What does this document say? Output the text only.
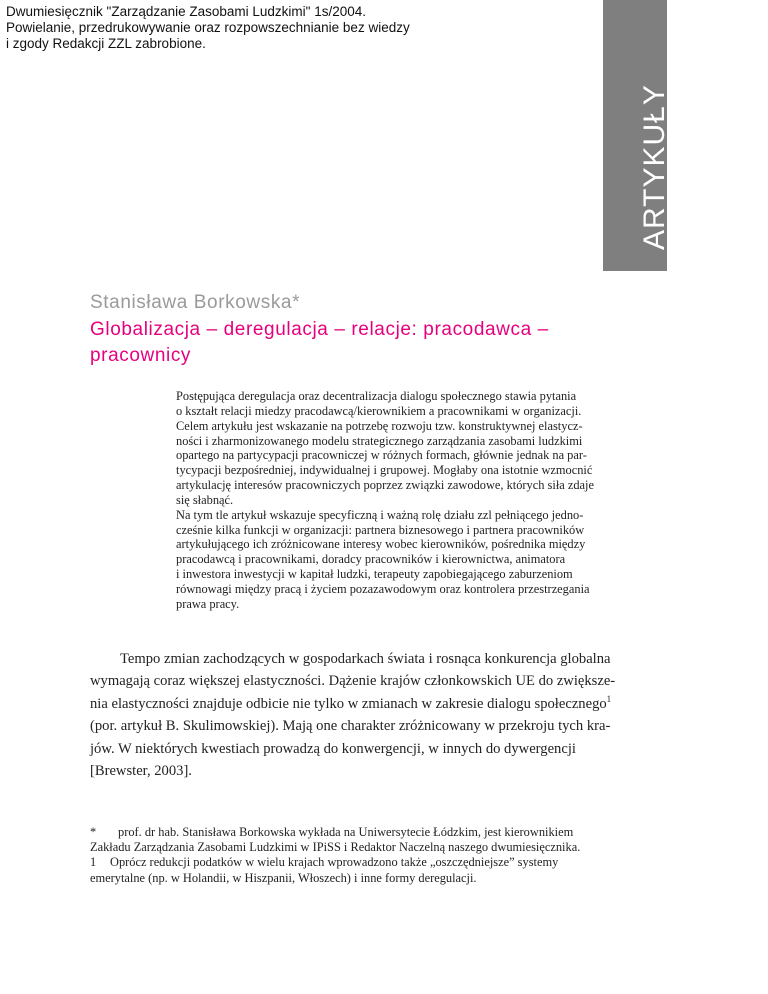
Dwumiesięcznik "Zarządzanie Zasobami Ludzkimi" 1s/2004.
Powielanie, przedrukowywanie oraz rozpowszechnianie bez wiedzy
i zgody Redakcji ZZL zabrobione.
ARTYKUŁY
Stanisława Borkowska*
Globalizacja – deregulacja – relacje: pracodawca –
pracownicy
Postępująca deregulacja oraz decentralizacja dialogu społecznego stawia pytania
o kształt relacji miedzy pracodawcą/kierownikiem a pracownikami w organizacji.
Celem artykułu jest wskazanie na potrzebę rozwoju tzw. konstruktywnej elastycz-
ności i zharmonizowanego modelu strategicznego zarządzania zasobami ludzkimi
opartego na partycypacji pracowniczej w różnych formach, głównie jednak na par-
tycypacji bezpośredniej, indywidualnej i grupowej. Mogłaby ona istotnie wzmocnić
artykulację interesów pracowniczych poprzez związki zawodowe, których siła zdaje
się słabnąć.
Na tym tle artykuł wskazuje specyficzną i ważną rolę działu zzl pełniącego jedno-
cześnie kilka funkcji w organizacji: partnera biznesowego i partnera pracowników
artykułującego ich zróżnicowane interesy wobec kierowników, pośrednika między
pracodawcą i pracownikami, doradcy pracowników i kierownictwa, animatora
i inwestora inwestycji w kapitał ludzki, terapeuty zapobiegającego zaburzeniom
równowagi między pracą i życiem pozazawodowym oraz kontrolera przestrzegania
prawa pracy.
Tempo zmian zachodzących w gospodarkach świata i rosnąca konkurencja globalna
wymagają coraz większej elastyczności. Dążenie krajów członkowskich UE do zwiększe-
nia elastyczności znajduje odbicie nie tylko w zmianach w zakresie dialogu społecznego$^1$
(por. artykuł B. Skulimowskiej). Mają one charakter zróżnicowany w przekroju tych kra-
jów. W niektórych kwestiach prowadzą do konwergencji, w innych do dywergencji
[Brewster, 2003].
* prof. dr hab. Stanisława Borkowska wykłada na Uniwersytecie Łódzkim, jest kierownikiem
Zakładu Zarządzania Zasobami Ludzkimi w IPiSS i Redaktor Naczelną naszego dwumiesięcznika.
1 Oprócz redukcji podatków w wielu krajach wprowadzono także „oszczędniejsze” systemy
emerytalne (np. w Holandii, w Hiszpanii, Włoszech) i inne formy deregulacji.
